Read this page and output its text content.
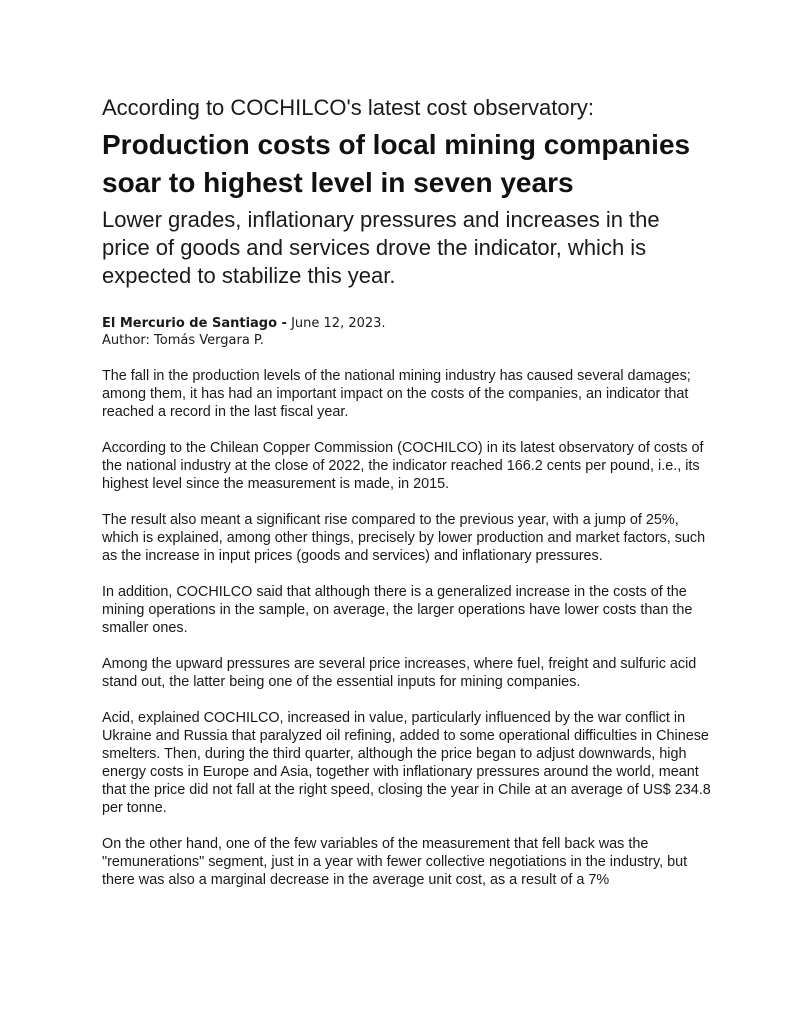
According to COCHILCO's latest cost observatory:
Production costs of local mining companies soar to highest level in seven years
Lower grades, inflationary pressures and increases in the price of goods and services drove the indicator, which is expected to stabilize this year.
El Mercurio de Santiago - June 12, 2023.
Author: Tomás Vergara P.

The fall in the production levels of the national mining industry has caused several damages; among them, it has had an important impact on the costs of the companies, an indicator that reached a record in the last fiscal year.

According to the Chilean Copper Commission (COCHILCO) in its latest observatory of costs of the national industry at the close of 2022, the indicator reached 166.2 cents per pound, i.e., its highest level since the measurement is made, in 2015.

The result also meant a significant rise compared to the previous year, with a jump of 25%, which is explained, among other things, precisely by lower production and market factors, such as the increase in input prices (goods and services) and inflationary pressures.

In addition, COCHILCO said that although there is a generalized increase in the costs of the mining operations in the sample, on average, the larger operations have lower costs than the smaller ones.

Among the upward pressures are several price increases, where fuel, freight and sulfuric acid stand out, the latter being one of the essential inputs for mining companies.

Acid, explained COCHILCO, increased in value, particularly influenced by the war conflict in Ukraine and Russia that paralyzed oil refining, added to some operational difficulties in Chinese smelters. Then, during the third quarter, although the price began to adjust downwards, high energy costs in Europe and Asia, together with inflationary pressures around the world, meant that the price did not fall at the right speed, closing the year in Chile at an average of US$ 234.8 per tonne.

On the other hand, one of the few variables of the measurement that fell back was the "remunerations" segment, just in a year with fewer collective negotiations in the industry, but there was also a marginal decrease in the average unit cost, as a result of a 7%
